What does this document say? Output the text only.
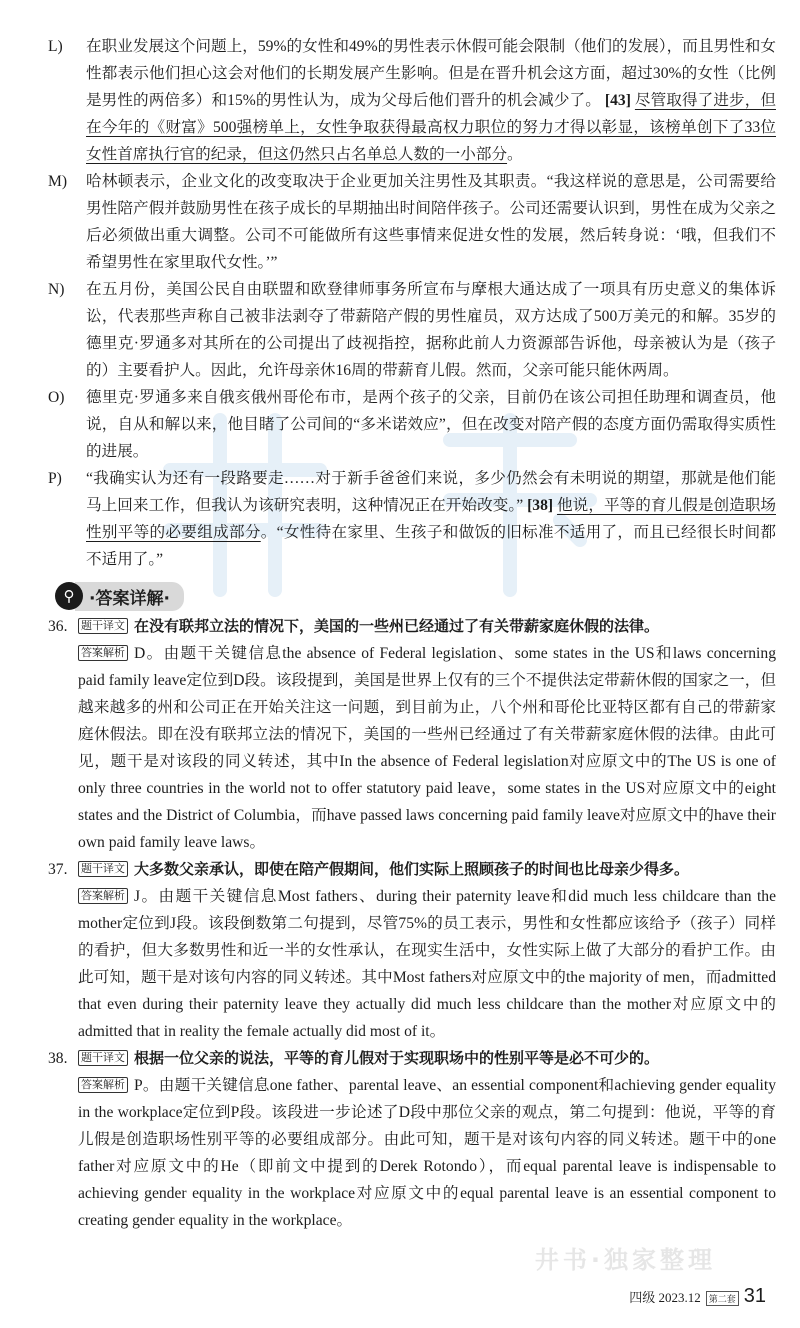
L) 在职业发展这个问题上，59%的女性和49%的男性表示休假可能会限制（他们的发展），而且男性和女性都表示他们担心这会对他们的长期发展产生影响。但是在晋升机会这方面，超过30%的女性（比例是男性的两倍多）和15%的男性认为，成为父母后他们晋升的机会减少了。 [43] 尽管取得了进步，但在今年的《财富》500强榜单上，女性争取获得最高权力职位的努力才得以彰显，该榜单创下了33位女性首席执行官的纪录，但这仍然只占名单总人数的一小部分。
M) 哈林顿表示，企业文化的改变取决于企业更加关注男性及其职责。“我这样说的意思是，公司需要给男性陪产假并鼓励男性在孩子成长的早期抽出时间陪伴孩子。公司还需要认识到，男性在成为父亲之后必须做出重大调整。公司不可能做所有这些事情来促进女性的发展，然后转身说：‘哦，但我们不希望男性在家里取代女性。’”
N) 在五月份，美国公民自由联盟和欧登律师事务所宣布与摩根大通达成了一项具有历史意义的集体诉讼，代表那些声称自己被非法剥夺了带薪陪产假的男性雇员，双方达成了500万美元的和解。35岁的德里克·罗通多对其所在的公司提出了歧视指控，据称此前人力资源部告诉他，母亲被认为是（孩子的）主要看护人。因此，允许母亲休16周的带薪育儿假。然而，父亲可能只能休两周。
O) 德里克·罗通多来自俄亥俄州哥伦布市，是两个孩子的父亲，目前仍在该公司担任助理和调查员，他说，自从和解以来，他目睹了公司间的“多米诺效应”，但在改变对陪产假的态度方面仍需取得实质性的进展。
P) “我确实认为还有一段路要走……对于新手爸爸们来说，多少仍然会有未明说的期望，那就是他们能马上回来工作，但我认为该研究表明，这种情况正在开始改变。” [38] 他说，平等的育儿假是创造职场性别平等的必要组成部分。“女性待在家里、生孩子和做饭的旧标准不适用了，而且已经很长时间都不适用了。”
⚲ ·答案详解·
36. 题干译文 在没有联邦立法的情况下，美国的一些州已经通过了有关带薪家庭休假的法律。
答案解析 D。由题干关键信息the absence of Federal legislation、some states in the US和laws concerning paid family leave定位到D段。该段提到，美国是世界上仅有的三个不提供法定带薪休假的国家之一，但越来越多的州和公司正在开始关注这一问题，到目前为止，八个州和哥伦比亚特区都有自己的带薪家庭休假法。即在没有联邦立法的情况下，美国的一些州已经通过了有关带薪家庭休假的法律。由此可见，题干是对该段的同义转述，其中In the absence of Federal legislation对应原文中的The US is one of only three countries in the world not to offer statutory paid leave，some states in the US对应原文中的eight states and the District of Columbia，而have passed laws concerning paid family leave对应原文中的have their own paid family leave laws。
37. 题干译文 大多数父亲承认，即使在陪产假期间，他们实际上照顾孩子的时间也比母亲少得多。
答案解析 J。由题干关键信息Most fathers、during their paternity leave和did much less childcare than the mother定位到J段。该段倒数第二句提到，尽管75%的员工表示，男性和女性都应该给予（孩子）同样的看护，但大多数男性和近一半的女性承认，在现实生活中，女性实际上做了大部分的看护工作。由此可知，题干是对该句内容的同义转述。其中Most fathers对应原文中的the majority of men，而admitted that even during their paternity leave they actually did much less childcare than the mother对应原文中的admitted that in reality the female actually did most of it。
38. 题干译文 根据一位父亲的说法，平等的育儿假对于实现职场中的性别平等是必不可少的。
答案解析 P。由题干关键信息one father、parental leave、an essential component和achieving gender equality in the workplace定位到P段。该段进一步论述了D段中那位父亲的观点，第二句提到：他说，平等的育儿假是创造职场性别平等的必要组成部分。由此可知，题干是对该句内容的同义转述。题干中的one father对应原文中的He（即前文中提到的Derek Rotondo），而equal parental leave is indispensable to achieving gender equality in the workplace对应原文中的equal parental leave is an essential component to creating gender equality in the workplace。
井书·独家整理
四级 2023.12 第二套 31
